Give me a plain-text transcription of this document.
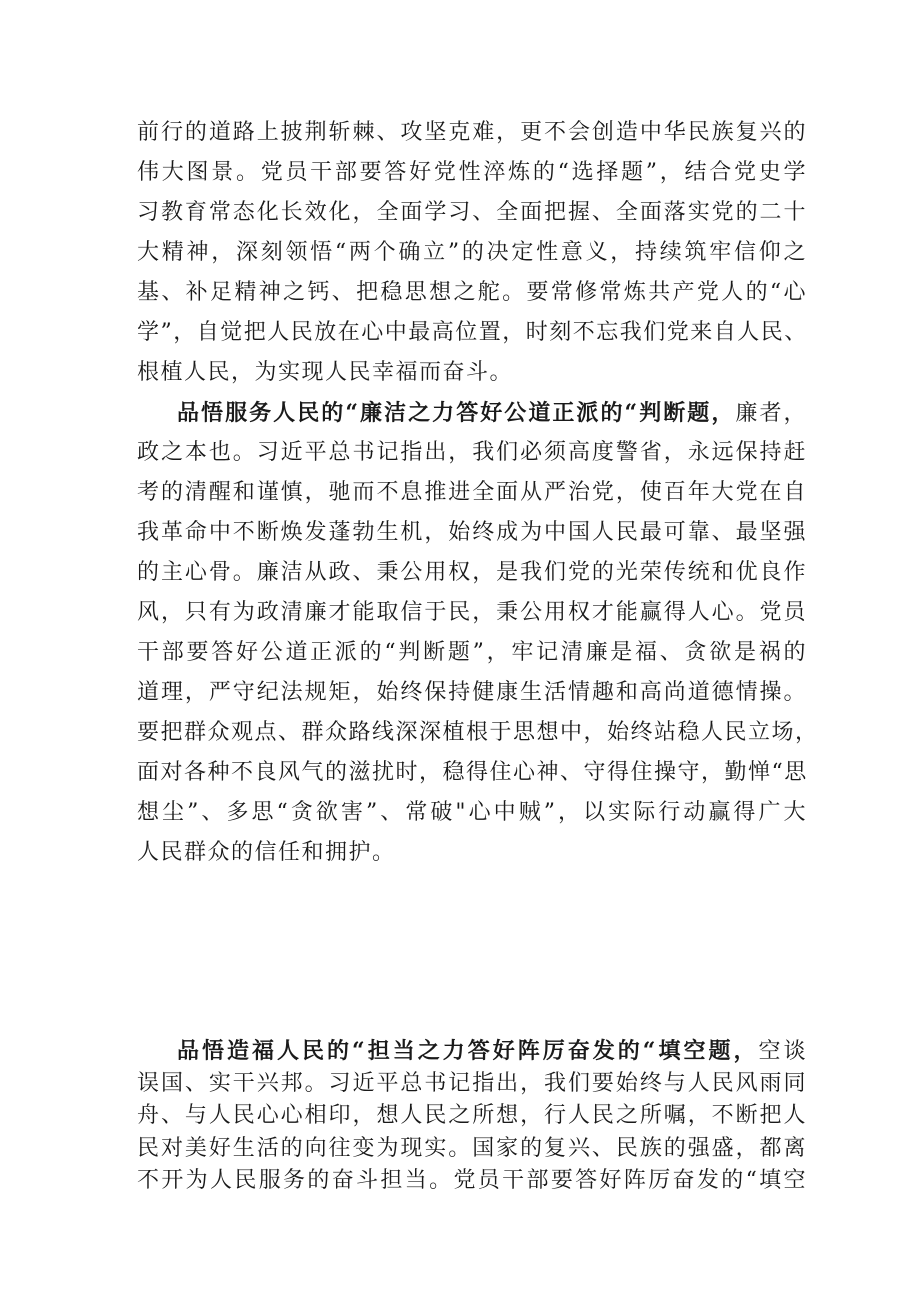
前行的道路上披荆斩棘、攻坚克难，更不会创造中华民族复兴的
伟大图景。党员干部要答好党性淬炼的“选择题”，结合党史学
习教育常态化长效化，全面学习、全面把握、全面落实党的二十
大精神，深刻领悟“两个确立”的决定性意义，持续筑牢信仰之
基、补足精神之钙、把稳思想之舵。要常修常炼共产党人的“心
学”，自觉把人民放在心中最高位置，时刻不忘我们党来自人民、
根植人民，为实现人民幸福而奋斗。
品悟服务人民的“廉洁之力答好公道正派的“判断题，廉者，
政之本也。习近平总书记指出，我们必须高度警省，永远保持赶
考的清醒和谨慎，驰而不息推进全面从严治党，使百年大党在自
我革命中不断焕发蓬勃生机，始终成为中国人民最可靠、最坚强
的主心骨。廉洁从政、秉公用权，是我们党的光荣传统和优良作
风，只有为政清廉才能取信于民，秉公用权才能赢得人心。党员
干部要答好公道正派的“判断题”，牢记清廉是福、贪欲是祸的
道理，严守纪法规矩，始终保持健康生活情趣和高尚道德情操。
要把群众观点、群众路线深深植根于思想中，始终站稳人民立场，
面对各种不良风气的滋扰时，稳得住心神、守得住操守，勤惮“思
想尘”、多思“贪欲害”、常破"心中贼”，以实际行动赢得广大
人民群众的信任和拥护。
品悟造福人民的“担当之力答好阵厉奋发的“填空题，空谈
误国、实干兴邦。习近平总书记指出，我们要始终与人民风雨同
舟、与人民心心相印，想人民之所想，行人民之所嘱，不断把人
民对美好生活的向往变为现实。国家的复兴、民族的强盛，都离
不开为人民服务的奋斗担当。党员干部要答好阵厉奋发的“填空
